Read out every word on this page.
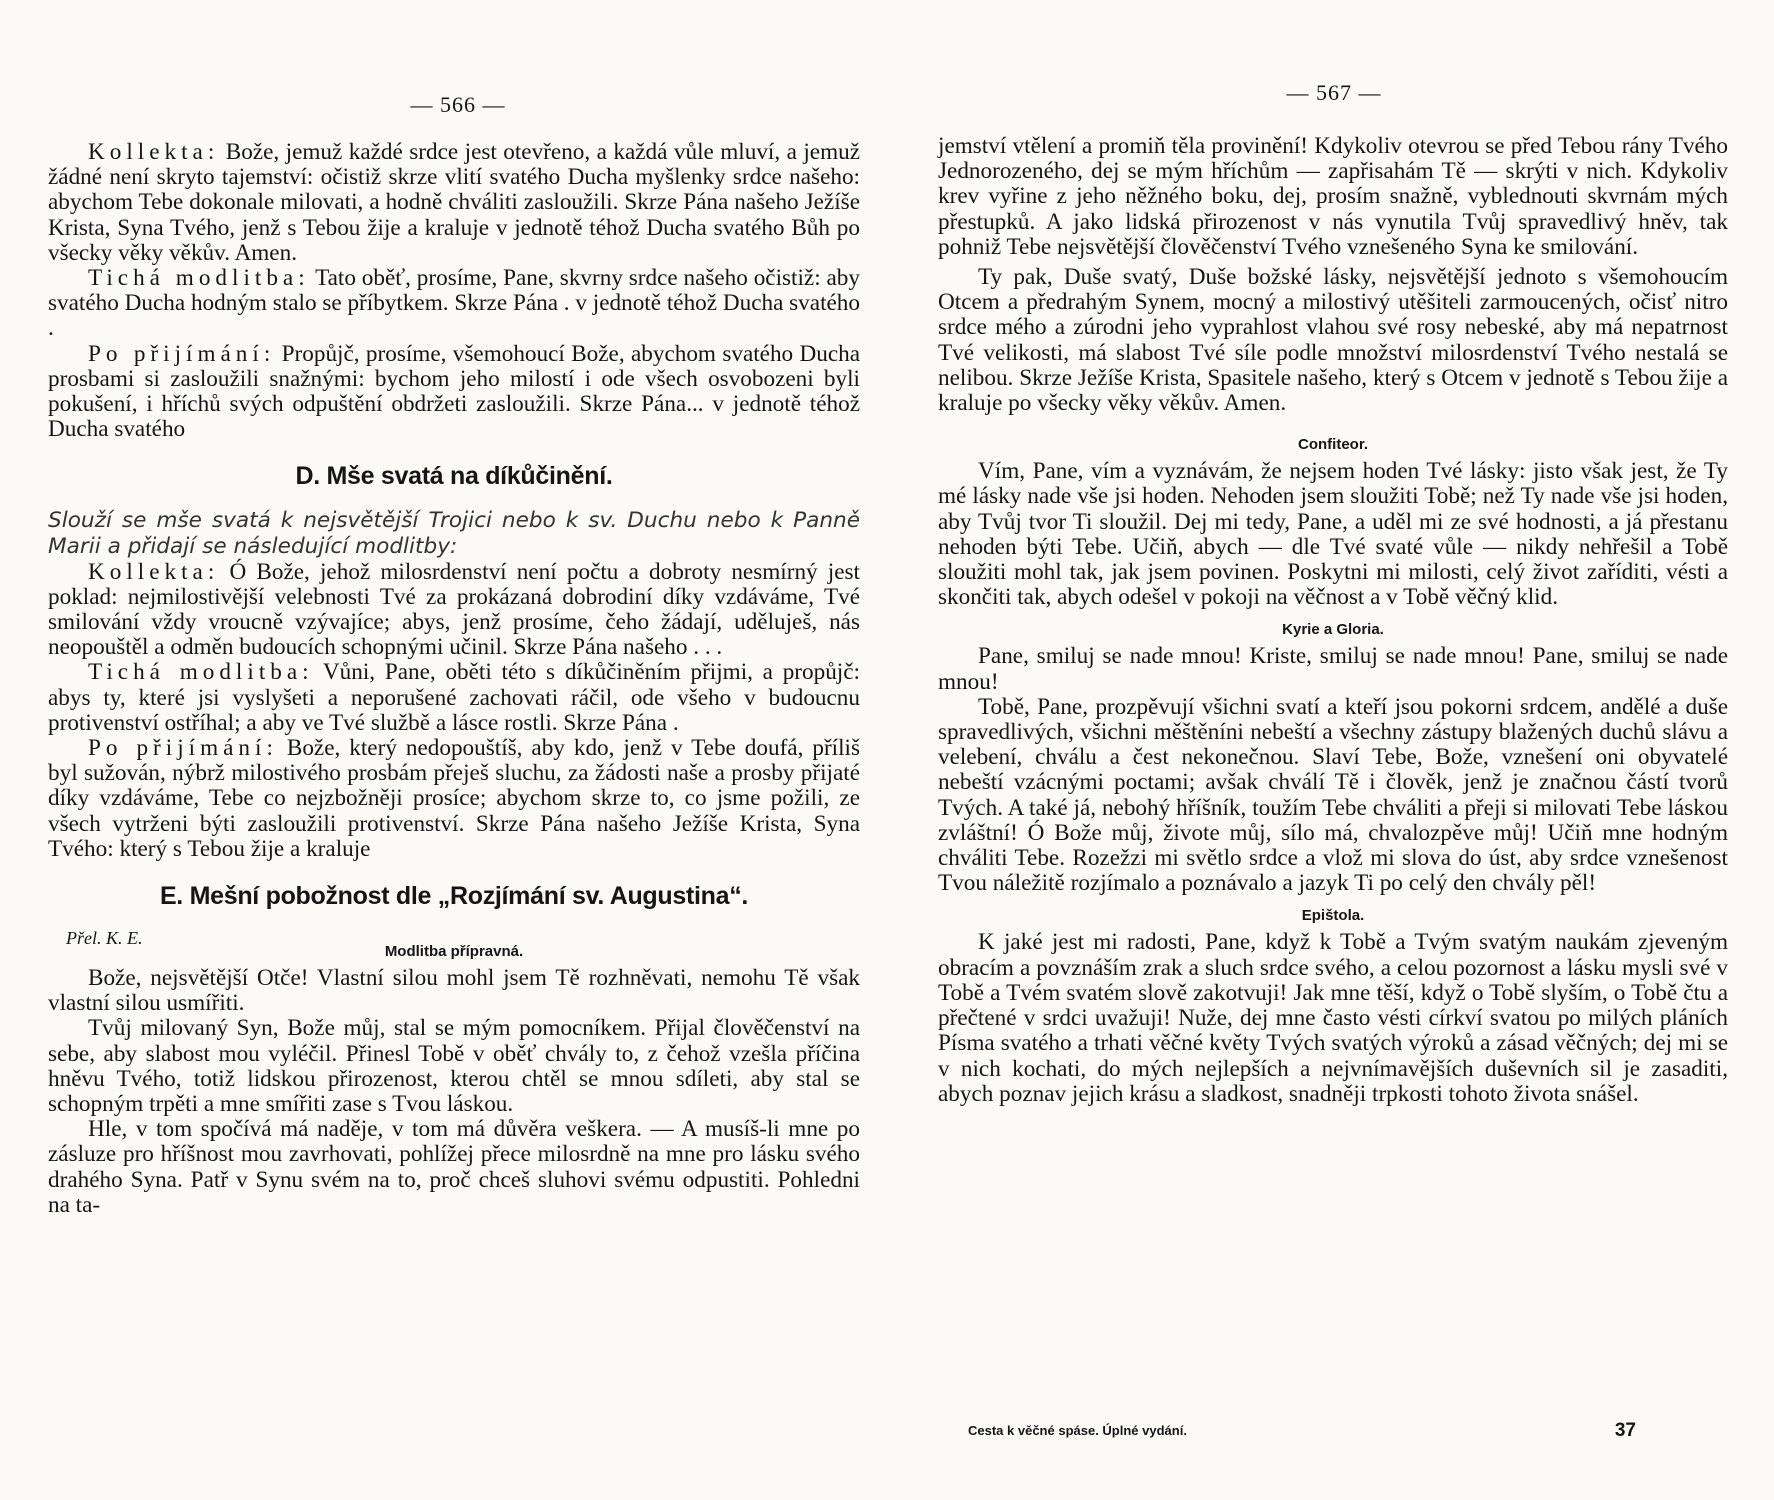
— 566 —

Kollekta: Bože, jemuž každé srdce jest otevřeno, a každá vůle mluví, a jemuž žádné není skryto tajemství: očistiž skrze vlití svatého Ducha myšlenky srdce našeho: abychom Tebe dokonale milovati, a hodně chváliti zasloužili. Skrze Pána našeho Ježíše Krista, Syna Tvého, jenž s Tebou žije a kraluje v jednotě téhož Ducha svatého Bůh po všecky věky věkův. Amen.

Tichá modlitba: Tato oběť, prosíme, Pane, skvrny srdce našeho očistiž: aby svatého Ducha hodným stalo se příbytkem. Skrze Pána . v jednotě téhož Ducha svatého .

Po přijímání: Propůjč, prosíme, všemohoucí Bože, abychom svatého Ducha prosbami si zasloužili snažnými: bychom jeho milostí i ode všech osvobozeni byli pokušení, i hříchů svých odpuštění obdržeti zasloužili. Skrze Pána... v jednotě téhož Ducha svatého

D. Mše svatá na díkůčinění.

Slouží se mše svatá k nejsvětější Trojici nebo k sv. Duchu nebo k Panně Marii a přidají se následující modlitby:

Kollekta: Ó Bože, jehož milosrdenství není počtu a dobroty nesmírný jest poklad: nejmilostivější velebnosti Tvé za prokázaná dobrodiní díky vzdáváme, Tvé smilování vždy vroucně vzývajíce; abys, jenž prosíme, čeho žádají, uděluješ, nás neopouštěl a odměn budoucích schopnými učinil. Skrze Pána našeho . . .

Tichá modlitba: Vůni, Pane, oběti této s díkůčiněním přijmi, a propůjč: abys ty, které jsi vyslyšeti a neporušené zachovati ráčil, ode všeho v budoucnu protivenství ostříhal; a aby ve Tvé službě a lásce rostli. Skrze Pána .

Po přijímání: Bože, který nedopouštíš, aby kdo, jenž v Tebe doufá, příliš byl sužován, nýbrž milostivého prosbám přeješ sluchu, za žádosti naše a prosby přijaté díky vzdáváme, Tebe co nejzbožněji prosíce; abychom skrze to, co jsme požili, ze všech vytrženi býti zasloužili protivenství. Skrze Pána našeho Ježíše Krista, Syna Tvého: který s Tebou žije a kraluje

E. Mešní pobožnost dle „Rozjímání sv. Augustina“.
Přel. K. E.
Modlitba přípravná.

Bože, nejsvětější Otče! Vlastní silou mohl jsem Tě rozhněvati, nemohu Tě však vlastní silou usmířiti.

Tvůj milovaný Syn, Bože můj, stal se mým pomocníkem. Přijal člověčenství na sebe, aby slabost mou vyléčil. Přinesl Tobě v oběť chvály to, z čehož vzešla příčina hněvu Tvého, totiž lidskou přirozenost, kterou chtěl se mnou sdíleti, aby stal se schopným trpěti a mne smířiti zase s Tvou láskou.

Hle, v tom spočívá má naděje, v tom má důvěra veškera. — A musíš-li mne po zásluze pro hříšnost mou zavrhovati, pohlížej přece milosrdně na mne pro lásku svého drahého Syna. Patř v Synu svém na to, proč chceš sluhovi svému odpustiti. Pohledni na ta-

— 567 —

jemství vtělení a promiň těla provinění! Kdykoliv otevrou se před Tebou rány Tvého Jednorozeného, dej se mým hříchům — zapřisahám Tě — skrýti v nich. Kdykoliv krev vyřine z jeho něžného boku, dej, prosím snažně, vyblednouti skvrnám mých přestupků. A jako lidská přirozenost v nás vynutila Tvůj spravedlivý hněv, tak pohniž Tebe nejsvětější člověčenství Tvého vznešeného Syna ke smilování.

Ty pak, Duše svatý, Duše božské lásky, nejsvětější jednoto s všemohoucím Otcem a předrahým Synem, mocný a milostivý utěšiteli zarmoucených, očisť nitro srdce mého a zúrodni jeho vyprahlost vlahou své rosy nebeské, aby má nepatrnost Tvé velikosti, má slabost Tvé síle podle množství milosrdenství Tvého nestalá se nelibou. Skrze Ježíše Krista, Spasitele našeho, který s Otcem v jednotě s Tebou žije a kraluje po všecky věky věkův. Amen.

Confiteor.

Vím, Pane, vím a vyznávám, že nejsem hoden Tvé lásky: jisto však jest, že Ty mé lásky nade vše jsi hoden. Nehoden jsem sloužiti Tobě; než Ty nade vše jsi hoden, aby Tvůj tvor Ti sloužil. Dej mi tedy, Pane, a uděl mi ze své hodnosti, a já přestanu nehoden býti Tebe. Učiň, abych — dle Tvé svaté vůle — nikdy nehřešil a Tobě sloužiti mohl tak, jak jsem povinen. Poskytni mi milosti, celý život zaříditi, vésti a skončiti tak, abych odešel v pokoji na věčnost a v Tobě věčný klid.

Kyrie a Gloria.

Pane, smiluj se nade mnou! Kriste, smiluj se nade mnou! Pane, smiluj se nade mnou!

Tobě, Pane, prozpěvují všichni svatí a kteří jsou pokorni srdcem, andělé a duše spravedlivých, všichni měštěníni nebeští a všechny zástupy blažených duchů slávu a velebení, chválu a čest nekonečnou. Slaví Tebe, Bože, vznešení oni obyvatelé nebeští vzácnými poctami; avšak chválí Tě i člověk, jenž je značnou částí tvorů Tvých. A také já, nebohý hříšník, toužím Tebe chváliti a přeji si milovati Tebe láskou zvláštní! Ó Bože můj, živote můj, sílo má, chvalozpěve můj! Učiň mne hodným chváliti Tebe. Rozežzi mi světlo srdce a vlož mi slova do úst, aby srdce vznešenost Tvou náležitě rozjímalo a poznávalo a jazyk Ti po celý den chvály pěl!

Epištola.

K jaké jest mi radosti, Pane, když k Tobě a Tvým svatým naukám zjeveným obracím a povznáším zrak a sluch srdce svého, a celou pozornost a lásku mysli své v Tobě a Tvém svatém slově zakotvuji! Jak mne těší, když o Tobě slyším, o Tobě čtu a přečtené v srdci uvažuji! Nuže, dej mne často vésti církví svatou po milých pláních Písma svatého a trhati věčné květy Tvých svatých výroků a zásad věčných; dej mi se v nich kochati, do mých nejlepších a nejvnímavějších duševních sil je zasaditi, abych poznav jejich krásu a sladkost, snadněji trpkosti tohoto života snášel.

Cesta k věčné spáse. Úplné vydání.	37
